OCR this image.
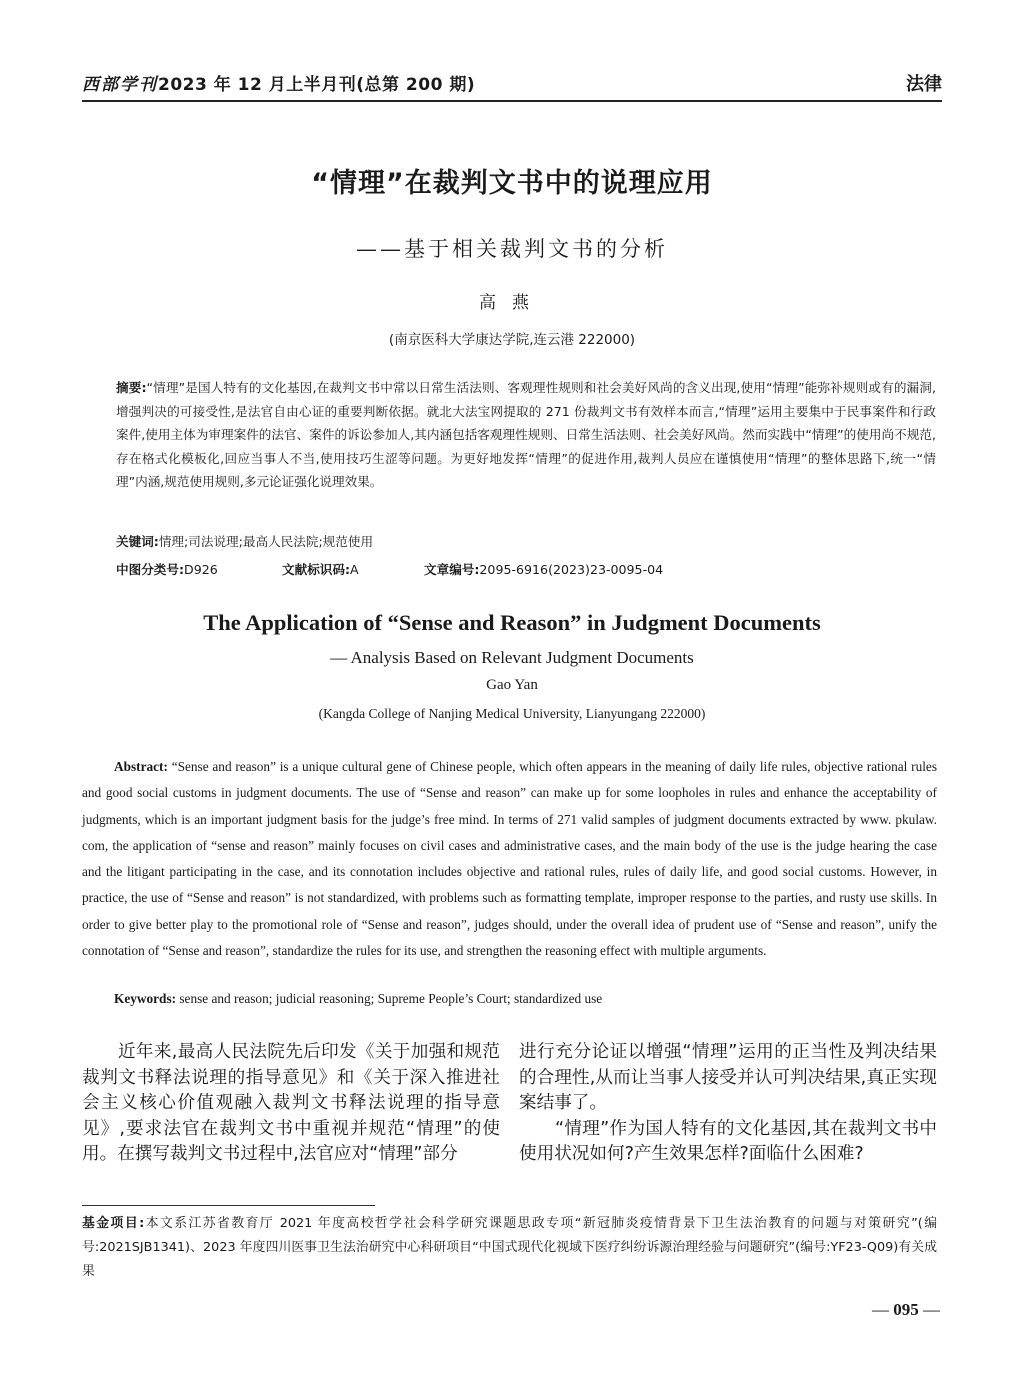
西部学刊2023 年 12 月上半月刊(总第 200 期)	法律
“情理”在裁判文书中的说理应用
——基于相关裁判文书的分析
高燕
(南京医科大学康达学院,连云港 222000)
摘要:“情理”是国人特有的文化基因,在裁判文书中常以日常生活法则、客观理性规则和社会美好风尚的含义出现,使用“情理”能弥补规则或有的漏洞,增强判决的可接受性,是法官自由心证的重要判断依据。就北大法宝网提取的 271 份裁判文书有效样本而言,“情理”运用主要集中于民事案件和行政案件,使用主体为审理案件的法官、案件的诉讼参加人,其内涵包括客观理性规则、日常生活法则、社会美好风尚。然而实践中“情理”的使用尚不规范,存在格式化模板化,回应当事人不当,使用技巧生涩等问题。为更好地发挥“情理”的促进作用,裁判人员应在谨慎使用“情理”的整体思路下,统一“情理”内涵,规范使用规则,多元论证强化说理效果。
关键词:情理;司法说理;最高人民法院;规范使用
中图分类号:D926	文献标识码:A	文章编号:2095-6916(2023)23-0095-04
The Application of “Sense and Reason” in Judgment Documents
— Analysis Based on Relevant Judgment Documents
Gao Yan
(Kangda College of Nanjing Medical University, Lianyungang 222000)
Abstract: “Sense and reason” is a unique cultural gene of Chinese people, which often appears in the meaning of daily life rules, objective rational rules and good social customs in judgment documents. The use of “Sense and reason” can make up for some loopholes in rules and enhance the acceptability of judgments, which is an important judgment basis for the judge’s free mind. In terms of 271 valid samples of judgment documents extracted by www. pkulaw. com, the application of “sense and reason” mainly focuses on civil cases and administrative cases, and the main body of the use is the judge hearing the case and the litigant participating in the case, and its connotation includes objective and rational rules, rules of daily life, and good social customs. However, in practice, the use of “Sense and reason” is not standardized, with problems such as formatting template, improper response to the parties, and rusty use skills. In order to give better play to the promotional role of “Sense and reason”, judges should, under the overall idea of prudent use of “Sense and reason”, unify the connotation of “Sense and reason”, standardize the rules for its use, and strengthen the reasoning effect with multiple arguments.
Keywords: sense and reason; judicial reasoning; Supreme People’s Court; standardized use

近年来,最高人民法院先后印发《关于加强和规范裁判文书释法说理的指导意见》和《关于深入推进社会主义核心价值观融入裁判文书释法说理的指导意见》,要求法官在裁判文书中重视并规范“情理”的使用。在撰写裁判文书过程中,法官应对“情理”部分

进行充分论证以增强“情理”运用的正当性及判决结果的合理性,从而让当事人接受并认可判决结果,真正实现案结事了。

“情理”作为国人特有的文化基因,其在裁判文书中使用状况如何?产生效果怎样?面临什么困难?

基金项目:本文系江苏省教育厅 2021 年度高校哲学社会科学研究课题思政专项“新冠肺炎疫情背景下卫生法治教育的问题与对策研究”(编号:2021SJB1341)、2023 年度四川医事卫生法治研究中心科研项目“中国式现代化视域下医疗纠纷诉源治理经验与问题研究”(编号:YF23-Q09)有关成果
— 095 —
